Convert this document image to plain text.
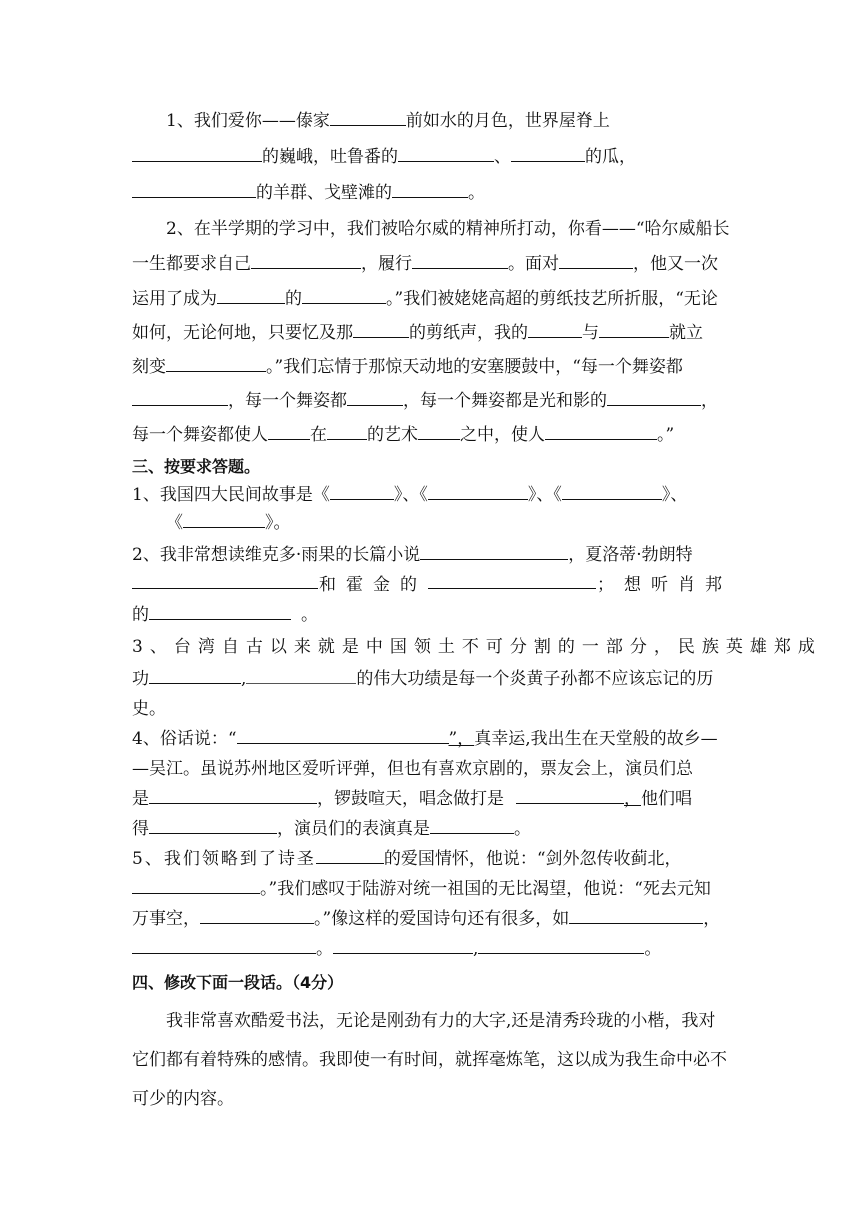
1、我们爱你——傣家	前如水的月色，世界屋脊上
的巍峨，吐鲁番的	、	的瓜，
的羊群、戈壁滩的	。
2、在半学期的学习中，我们被哈尔威的精神所打动，你看——“哈尔威船长
一生都要求自己	，履行	。面对	，他又一次
运用了成为	的	。”我们被姥姥高超的剪纸技艺所折服，“无论
如何，无论何地，只要忆及那	的剪纸声，我的	与	就立
刻变	。”我们忘情于那惊天动地的安塞腰鼓中，“每一个舞姿都
，每一个舞姿都	，每一个舞姿都是光和影的	，
每一个舞姿都使人 在 的艺术 之中，使人	。”
三、按要求答题。
1、我国四大民间故事是《	》、《	》、《	》、
《	》。
2、我非常想读维克多·雨果的长篇小说	，夏洛蒂·勃朗特
和霍金的	；想听肖邦
的	。
3、台湾自古以来就是中国领土不可分割的一部分，民族英雄郑成
功	,	的伟大功绩是每一个炎黄子孙都不应该忘记的历
史。
4、俗话说：“	”，真幸运,我出生在天堂般的故乡—
—吴江。虽说苏州地区爱听评弹，但也有喜欢京剧的，票友会上，演员们总
是	，锣鼓喧天，唱念做打是	，他们唱
得	，演员们的表演真是	。
5、我们领略到了诗圣	的爱国情怀，他说：“剑外忽传收蓟北，
。”我们感叹于陆游对统一祖国的无比渴望，他说：“死去元知
万事空，	。”像这样的爱国诗句还有很多，如	，
。	,	。
四、修改下面一段话。（4分）
我非常喜欢酷爱书法，无论是刚劲有力的大字,还是清秀玲珑的小楷，我对
它们都有着特殊的感情。我即使一有时间，就挥毫炼笔，这以成为我生命中必不
可少的内容。
